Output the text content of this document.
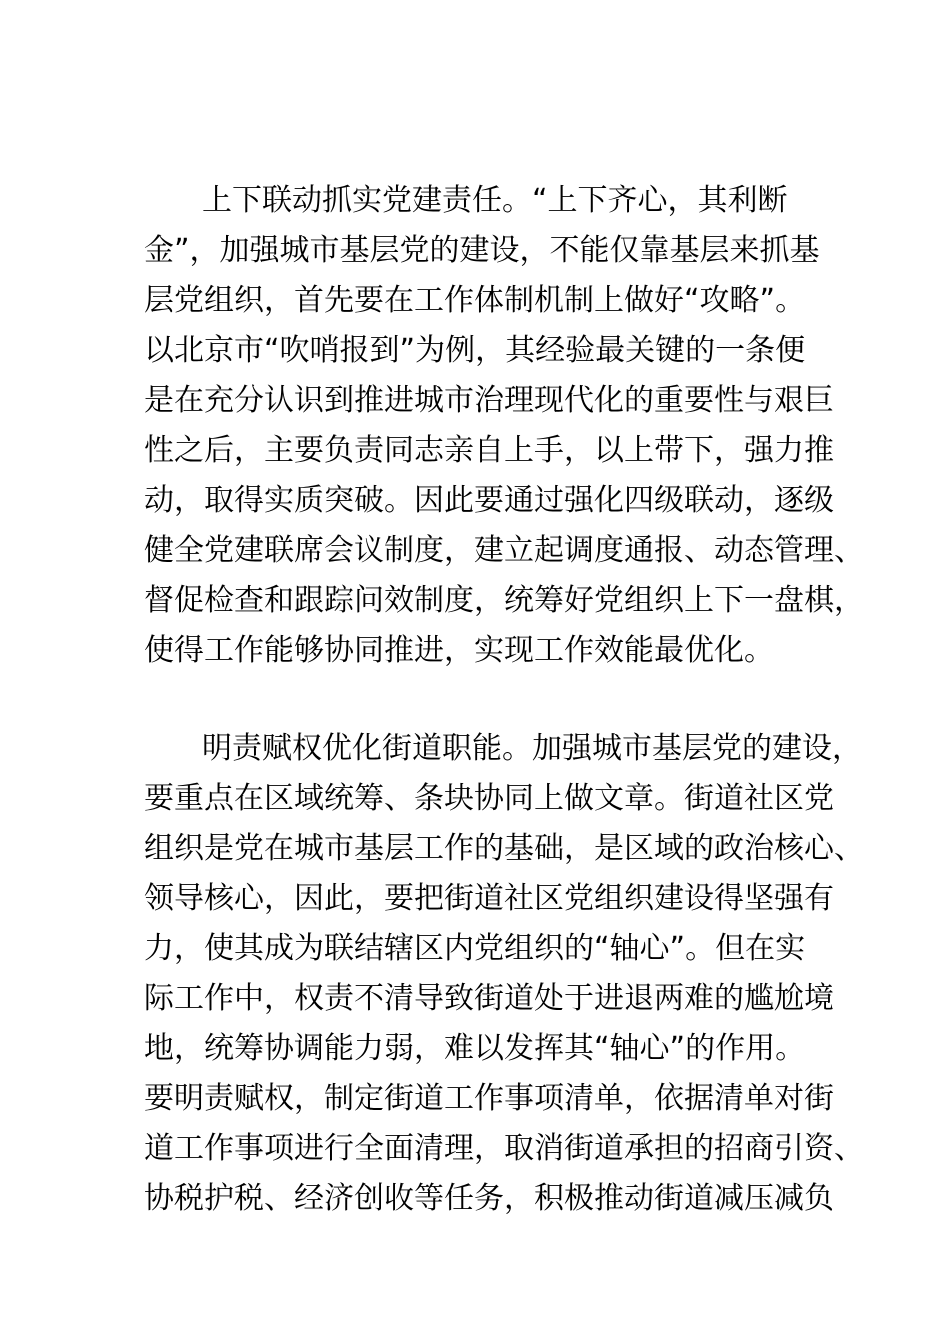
上下联动抓实党建责任。“上下齐心，其利断
金”，加强城市基层党的建设，不能仅靠基层来抓基
层党组织，首先要在工作体制机制上做好“攻略”。
以北京市“吹哨报到”为例，其经验最关键的一条便
是在充分认识到推进城市治理现代化的重要性与艰巨
性之后，主要负责同志亲自上手，以上带下，强力推
动，取得实质突破。因此要通过强化四级联动，逐级
健全党建联席会议制度，建立起调度通报、动态管理、
督促检查和跟踪问效制度，统筹好党组织上下一盘棋，
使得工作能够协同推进，实现工作效能最优化。
明责赋权优化街道职能。加强城市基层党的建设，
要重点在区域统筹、条块协同上做文章。街道社区党
组织是党在城市基层工作的基础，是区域的政治核心、
领导核心，因此，要把街道社区党组织建设得坚强有
力，使其成为联结辖区内党组织的“轴心”。但在实
际工作中，权责不清导致街道处于进退两难的尴尬境
地，统筹协调能力弱，难以发挥其“轴心”的作用。
要明责赋权，制定街道工作事项清单，依据清单对街
道工作事项进行全面清理，取消街道承担的招商引资、
协税护税、经济创收等任务，积极推动街道减压减负
